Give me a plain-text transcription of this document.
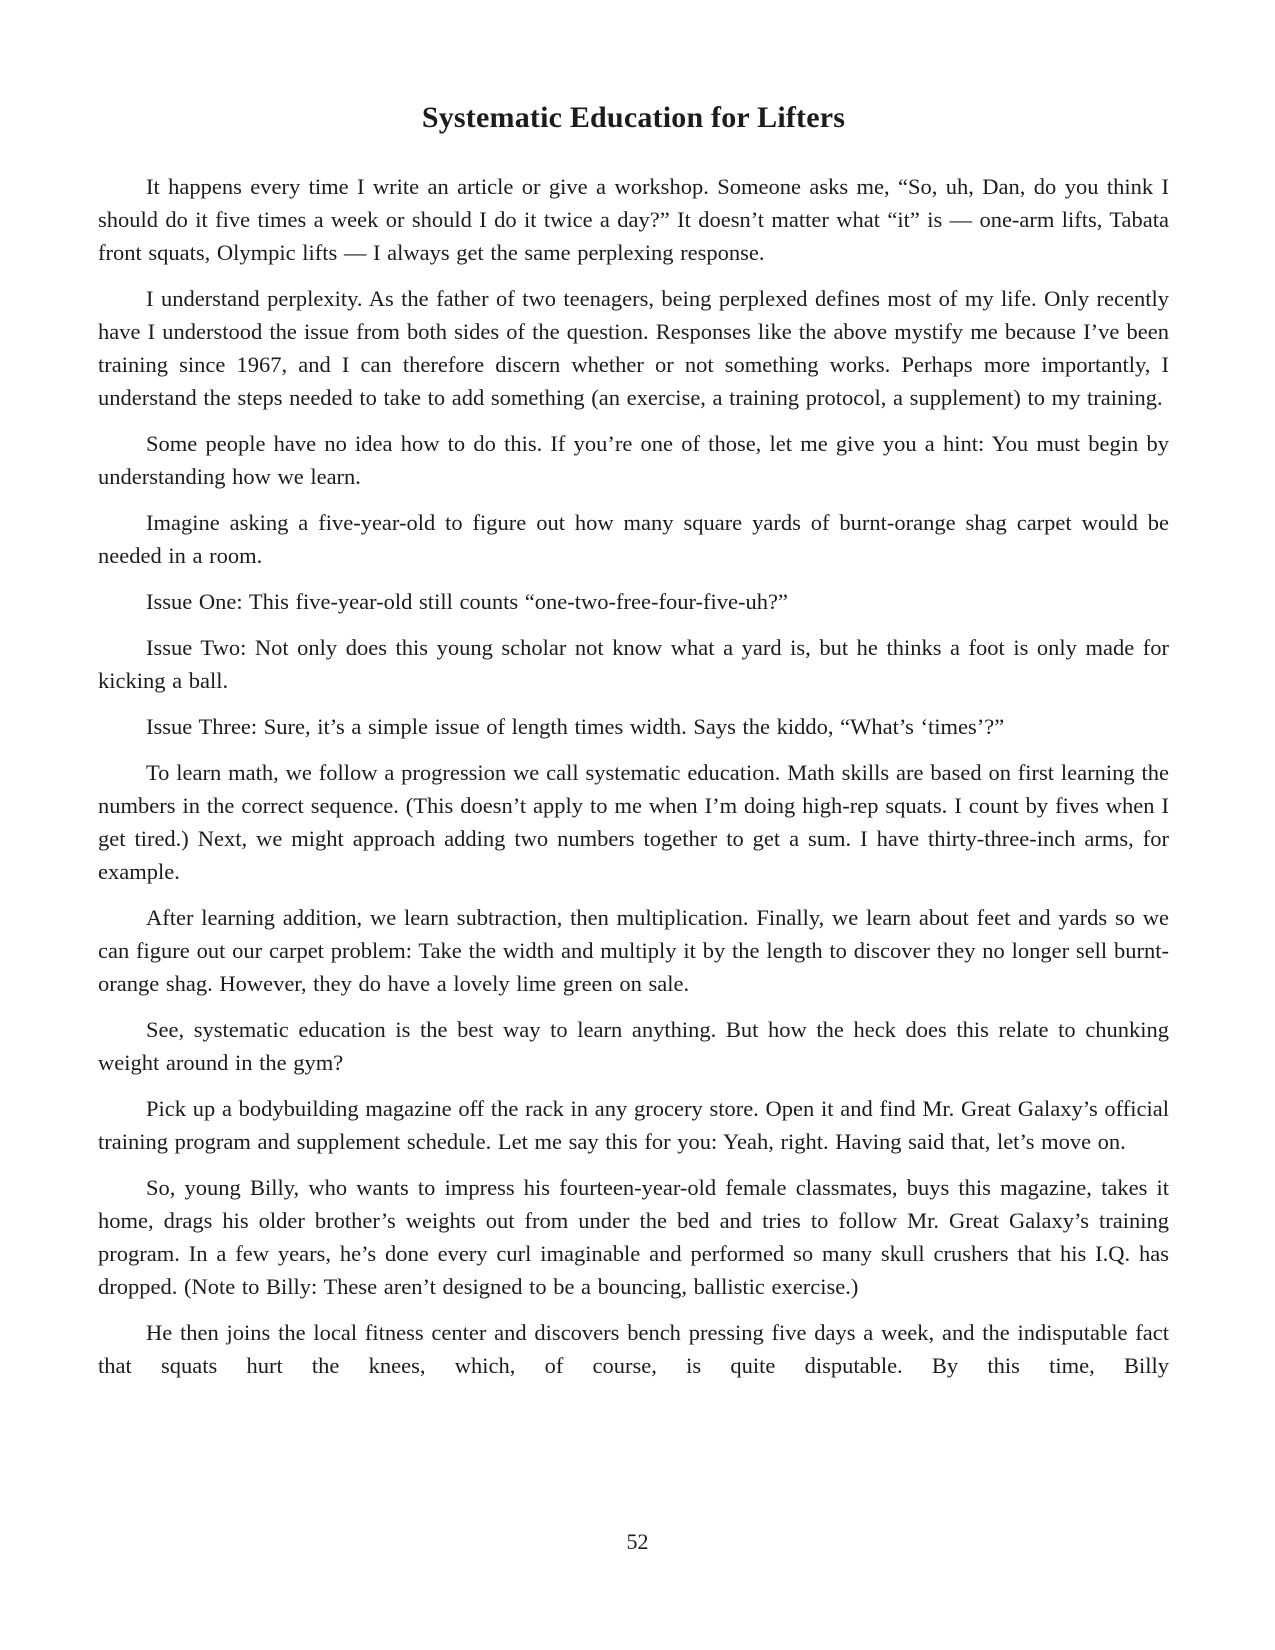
Systematic Education for Lifters

It happens every time I write an article or give a workshop. Someone asks me, “So, uh, Dan, do you think I should do it five times a week or should I do it twice a day?” It doesn’t matter what “it” is — one-arm lifts, Tabata front squats, Olympic lifts — I always get the same perplexing response.

I understand perplexity. As the father of two teenagers, being perplexed defines most of my life. Only recently have I understood the issue from both sides of the question. Responses like the above mystify me because I’ve been training since 1967, and I can therefore discern whether or not something works. Perhaps more importantly, I understand the steps needed to take to add something (an exercise, a training protocol, a supplement) to my training.

Some people have no idea how to do this. If you’re one of those, let me give you a hint: You must begin by understanding how we learn.

Imagine asking a five-year-old to figure out how many square yards of burnt-orange shag carpet would be needed in a room.

Issue One: This five-year-old still counts “one-two-free-four-five-uh?”

Issue Two: Not only does this young scholar not know what a yard is, but he thinks a foot is only made for kicking a ball.

Issue Three: Sure, it’s a simple issue of length times width. Says the kiddo, “What’s ‘times’?”

To learn math, we follow a progression we call systematic education. Math skills are based on first learning the numbers in the correct sequence. (This doesn’t apply to me when I’m doing high-rep squats. I count by fives when I get tired.) Next, we might approach adding two numbers together to get a sum. I have thirty-three-inch arms, for example.

After learning addition, we learn subtraction, then multiplication. Finally, we learn about feet and yards so we can figure out our carpet problem: Take the width and multiply it by the length to discover they no longer sell burnt-orange shag. However, they do have a lovely lime green on sale.

See, systematic education is the best way to learn anything. But how the heck does this relate to chunking weight around in the gym?

Pick up a bodybuilding magazine off the rack in any grocery store. Open it and find Mr. Great Galaxy’s official training program and supplement schedule. Let me say this for you: Yeah, right. Having said that, let’s move on.

So, young Billy, who wants to impress his fourteen-year-old female classmates, buys this magazine, takes it home, drags his older brother’s weights out from under the bed and tries to follow Mr. Great Galaxy’s training program. In a few years, he’s done every curl imaginable and performed so many skull crushers that his I.Q. has dropped. (Note to Billy: These aren’t designed to be a bouncing, ballistic exercise.)

He then joins the local fitness center and discovers bench pressing five days a week, and the indisputable fact that squats hurt the knees, which, of course, is quite disputable. By this time, Billy

52
